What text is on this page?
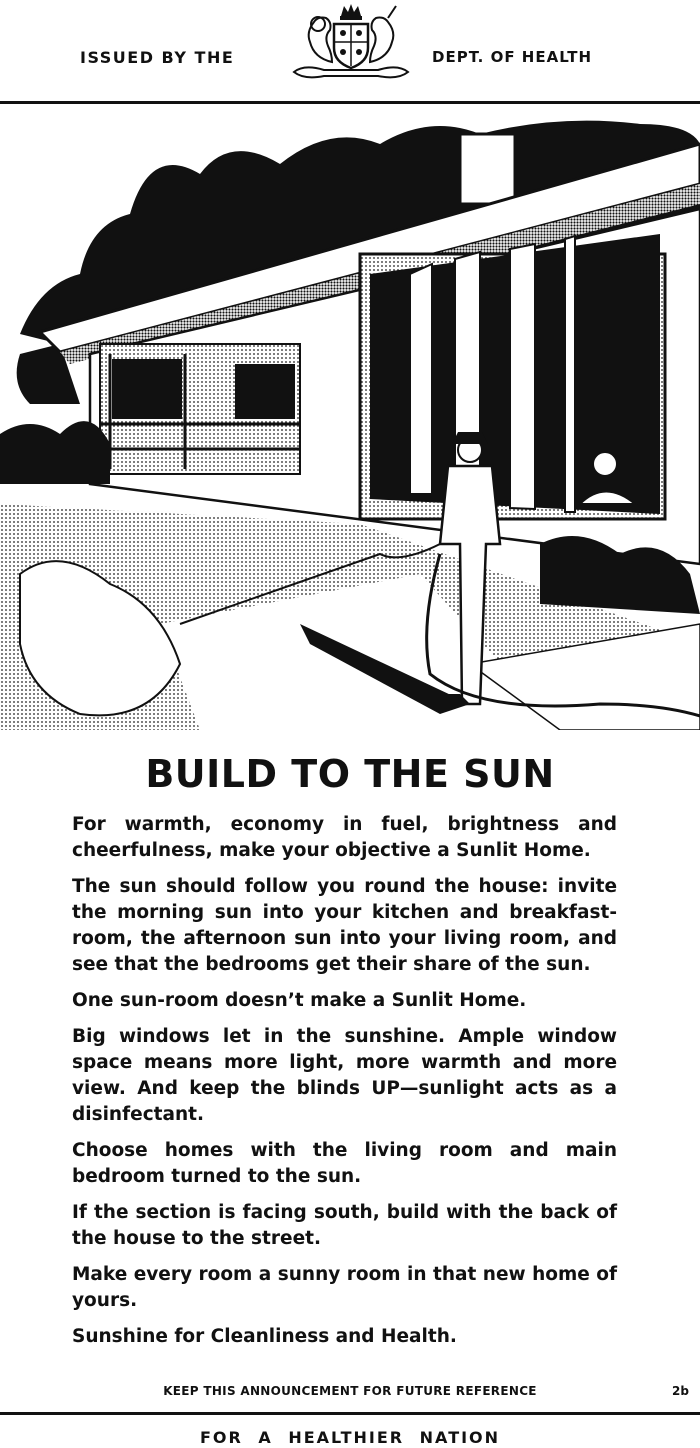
ISSUED BY THE	DEPT. OF HEALTH
BUILD TO THE SUN

For warmth, economy in fuel, brightness and cheerfulness, make your objective a Sunlit Home.

The sun should follow you round the house: invite the morning sun into your kitchen and breakfast-room, the afternoon sun into your living room, and see that the bedrooms get their share of the sun.

One sun-room doesn’t make a Sunlit Home.

Big windows let in the sunshine. Ample window space means more light, more warmth and more view. And keep the blinds UP—sunlight acts as a disinfectant.

Choose homes with the living room and main bedroom turned to the sun.

If the section is facing south, build with the back of the house to the street.

Make every room a sunny room in that new home of yours.

Sunshine for Cleanliness and Health.

KEEP THIS ANNOUNCEMENT FOR FUTURE REFERENCE	2b
FOR A HEALTHIER NATION
